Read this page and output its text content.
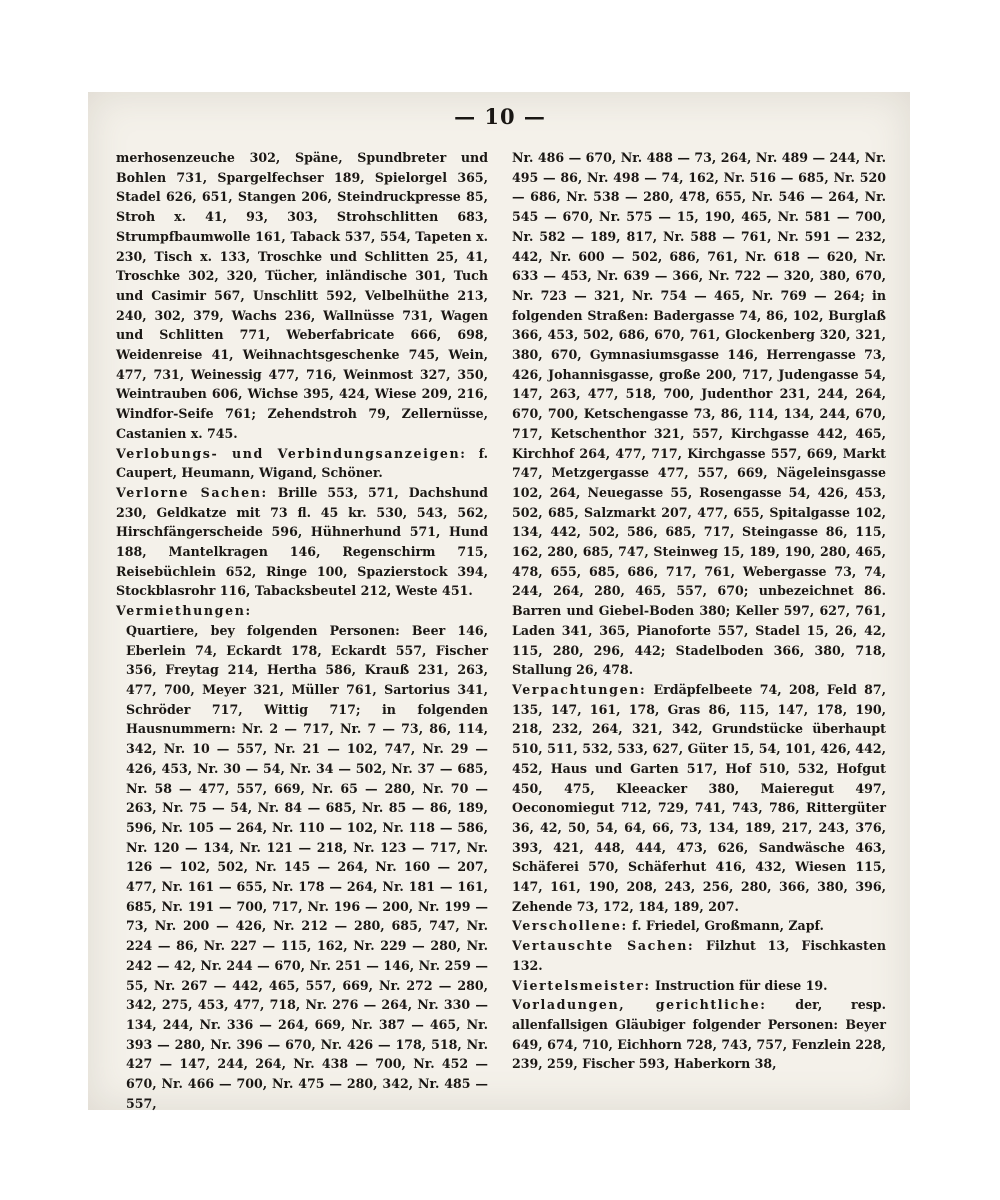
— 10 —

merhosenzeuche 302, Späne, Spundbreter und Bohlen 731, Spargelfechser 189, Spielorgel 365, Stadel 626, 651, Stangen 206, Steindruckpresse 85, Stroh x. 41, 93, 303, Strohschlitten 683, Strumpfbaumwolle 161, Taback 537, 554, Tapeten x. 230, Tisch x. 133, Troschke und Schlitten 25, 41, Troschke 302, 320, Tücher, inländische 301, Tuch und Casimir 567, Unschlitt 592, Velbelhüthe 213, 240, 302, 379, Wachs 236, Wallnüsse 731, Wagen und Schlitten 771, Weberfabricate 666, 698, Weidenreise 41, Weihnachtsgeschenke 745, Wein, 477, 731, Weinessig 477, 716, Weinmost 327, 350, Weintrauben 606, Wichse 395, 424, Wiese 209, 216, Windfor-Seife 761; Zehendstroh 79, Zellernüsse, Castanien x. 745.

Verlobungs- und Verbindungsanzeigen: f. Caupert, Heumann, Wigand, Schöner.

Verlorne Sachen: Brille 553, 571, Dachshund 230, Geldkatze mit 73 fl. 45 kr. 530, 543, 562, Hirschfängerscheide 596, Hühnerhund 571, Hund 188, Mantelkragen 146, Regenschirm 715, Reisebüchlein 652, Ringe 100, Spazierstock 394, Stockblasrohr 116, Tabacksbeutel 212, Weste 451.

Vermiethungen:

Quartiere, bey folgenden Personen: Beer 146, Eberlein 74, Eckardt 178, Eckardt 557, Fischer 356, Freytag 214, Hertha 586, Krauß 231, 263, 477, 700, Meyer 321, Müller 761, Sartorius 341, Schröder 717, Wittig 717; in folgenden Hausnummern: Nr. 2 — 717, Nr. 7 — 73, 86, 114, 342, Nr. 10 — 557, Nr. 21 — 102, 747, Nr. 29 — 426, 453, Nr. 30 — 54, Nr. 34 — 502, Nr. 37 — 685, Nr. 58 — 477, 557, 669, Nr. 65 — 280, Nr. 70 — 263, Nr. 75 — 54, Nr. 84 — 685, Nr. 85 — 86, 189, 596, Nr. 105 — 264, Nr. 110 — 102, Nr. 118 — 586, Nr. 120 — 134, Nr. 121 — 218, Nr. 123 — 717, Nr. 126 — 102, 502, Nr. 145 — 264, Nr. 160 — 207, 477, Nr. 161 — 655, Nr. 178 — 264, Nr. 181 — 161, 685, Nr. 191 — 700, 717, Nr. 196 — 200, Nr. 199 — 73, Nr. 200 — 426, Nr. 212 — 280, 685, 747, Nr. 224 — 86, Nr. 227 — 115, 162, Nr. 229 — 280, Nr. 242 — 42, Nr. 244 — 670, Nr. 251 — 146, Nr. 259 — 55, Nr. 267 — 442, 465, 557, 669, Nr. 272 — 280, 342, 275, 453, 477, 718, Nr. 276 — 264, Nr. 330 — 134, 244, Nr. 336 — 264, 669, Nr. 387 — 465, Nr. 393 — 280, Nr. 396 — 670, Nr. 426 — 178, 518, Nr. 427 — 147, 244, 264, Nr. 438 — 700, Nr. 452 — 670, Nr. 466 — 700, Nr. 475 — 280, 342, Nr. 485 — 557,

Nr. 486 — 670, Nr. 488 — 73, 264, Nr. 489 — 244, Nr. 495 — 86, Nr. 498 — 74, 162, Nr. 516 — 685, Nr. 520 — 686, Nr. 538 — 280, 478, 655, Nr. 546 — 264, Nr. 545 — 670, Nr. 575 — 15, 190, 465, Nr. 581 — 700, Nr. 582 — 189, 817, Nr. 588 — 761, Nr. 591 — 232, 442, Nr. 600 — 502, 686, 761, Nr. 618 — 620, Nr. 633 — 453, Nr. 639 — 366, Nr. 722 — 320, 380, 670, Nr. 723 — 321, Nr. 754 — 465, Nr. 769 — 264; in folgenden Straßen: Badergasse 74, 86, 102, Burglaß 366, 453, 502, 686, 670, 761, Glockenberg 320, 321, 380, 670, Gymnasiumsgasse 146, Herrengasse 73, 426, Johannisgasse, große 200, 717, Judengasse 54, 147, 263, 477, 518, 700, Judenthor 231, 244, 264, 670, 700, Ketschengasse 73, 86, 114, 134, 244, 670, 717, Ketschenthor 321, 557, Kirchgasse 442, 465, Kirchhof 264, 477, 717, Kirchgasse 557, 669, Markt 747, Metzgergasse 477, 557, 669, Nägeleinsgasse 102, 264, Neuegasse 55, Rosengasse 54, 426, 453, 502, 685, Salzmarkt 207, 477, 655, Spitalgasse 102, 134, 442, 502, 586, 685, 717, Steingasse 86, 115, 162, 280, 685, 747, Steinweg 15, 189, 190, 280, 465, 478, 655, 685, 686, 717, 761, Webergasse 73, 74, 244, 264, 280, 465, 557, 670; unbezeichnet 86. Barren und Giebel-Boden 380; Keller 597, 627, 761, Laden 341, 365, Pianoforte 557, Stadel 15, 26, 42, 115, 280, 296, 442; Stadelboden 366, 380, 718, Stallung 26, 478.

Verpachtungen: Erdäpfelbeete 74, 208, Feld 87, 135, 147, 161, 178, Gras 86, 115, 147, 178, 190, 218, 232, 264, 321, 342, Grundstücke überhaupt 510, 511, 532, 533, 627, Güter 15, 54, 101, 426, 442, 452, Haus und Garten 517, Hof 510, 532, Hofgut 450, 475, Kleeacker 380, Maieregut 497, Oeconomiegut 712, 729, 741, 743, 786, Rittergüter 36, 42, 50, 54, 64, 66, 73, 134, 189, 217, 243, 376, 393, 421, 448, 444, 473, 626, Sandwäsche 463, Schäferei 570, Schäferhut 416, 432, Wiesen 115, 147, 161, 190, 208, 243, 256, 280, 366, 380, 396, Zehende 73, 172, 184, 189, 207.

Verschollene: f. Friedel, Großmann, Zapf.

Vertauschte Sachen: Filzhut 13, Fischkasten 132.

Viertelsmeister: Instruction für diese 19.

Vorladungen, gerichtliche: der, resp. allenfallsigen Gläubiger folgender Personen: Beyer 649, 674, 710, Eichhorn 728, 743, 757, Fenzlein 228, 239, 259, Fischer 593, Haberkorn 38,
